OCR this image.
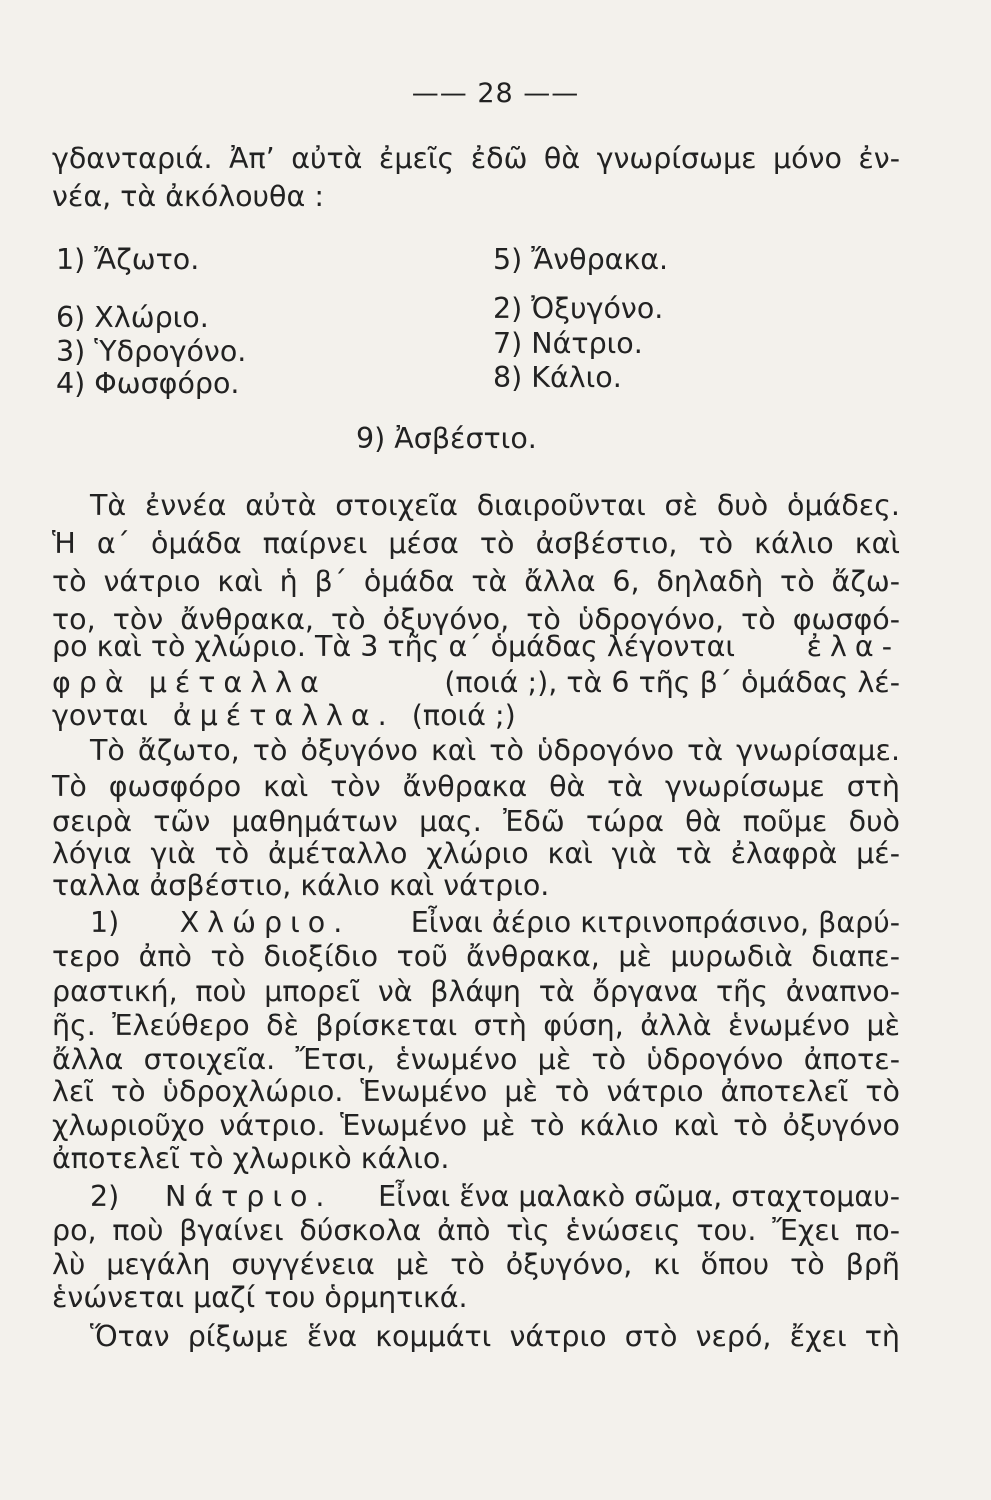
—— 28 ——
γδανταριά. Ἀπ’ αὐτὰ ἐμεῖς ἐδῶ θὰ γνωρίσωμε μόνο ἐν-
νέα, τὰ ἀκόλουθα :
1) Ἄζωτο.	5) Ἄνθρακα.
6) Χλώριο.	2) Ὀξυγόνο.
3) Ὑδρογόνο.	7) Νάτριο.
4) Φωσφόρο.	8) Κάλιο.
9) Ἀσβέστιο.
Τὰ ἐννέα αὐτὰ στοιχεῖα διαιροῦνται σὲ δυὸ ὁμάδες.
Ἡ α΄ ὁμάδα παίρνει μέσα τὸ ἀσβέστιο, τὸ κάλιο καὶ
τὸ νάτριο καὶ ἡ β΄ ὁμάδα τὰ ἄλλα 6, δηλαδὴ τὸ ἄζω-
το, τὸν ἄνθρακα, τὸ ὀξυγόνο, τὸ ὑδρογόνο, τὸ φωσφό-
ρο καὶ τὸ χλώριο. Τὰ 3 τῆς α΄ ὁμάδας λέγονται	ἐλα-
φρὰ μέταλλα	(ποιά ;), τὰ 6 τῆς β΄ ὁμάδας λέ-
γονται ἀμέταλλα. (ποιά ;)
Τὸ ἄζωτο, τὸ ὀξυγόνο καὶ τὸ ὑδρογόνο τὰ γνωρίσαμε.
Τὸ φωσφόρο καὶ τὸν ἄνθρακα θὰ τὰ γνωρίσωμε στὴ
σειρὰ τῶν μαθημάτων μας. Ἐδῶ τώρα θὰ ποῦμε δυὸ
λόγια γιὰ τὸ ἀμέταλλο χλώριο καὶ γιὰ τὰ ἐλαφρὰ μέ-
ταλλα ἀσβέστιο, κάλιο καὶ νάτριο.
1) Χλώριο. Εἶναι ἀέριο κιτρινοπράσινο, βαρύ-
τερο ἀπὸ τὸ διοξίδιο τοῦ ἄνθρακα, μὲ μυρωδιὰ διαπε-
ραστική, ποὺ μπορεῖ νὰ βλάψη τὰ ὄργανα τῆς ἀναπνο-
ῆς. Ἐλεύθερο δὲ βρίσκεται στὴ φύση, ἀλλὰ ἑνωμένο μὲ
ἄλλα στοιχεῖα. Ἔτσι, ἑνωμένο μὲ τὸ ὑδρογόνο ἀποτε-
λεῖ τὸ ὑδροχλώριο. Ἑνωμένο μὲ τὸ νάτριο ἀποτελεῖ τὸ
χλωριοῦχο νάτριο. Ἑνωμένο μὲ τὸ κάλιο καὶ τὸ ὀξυγόνο
ἀποτελεῖ τὸ χλωρικὸ κάλιο.
2) Νάτριο. Εἶναι ἕνα μαλακὸ σῶμα, σταχτομαυ-
ρο, ποὺ βγαίνει δύσκολα ἀπὸ τὶς ἑνώσεις του. Ἔχει πο-
λὺ μεγάλη συγγένεια μὲ τὸ ὀξυγόνο, κι ὅπου τὸ βρῆ
ἑνώνεται μαζί του ὁρμητικά.
Ὅταν ρίξωμε ἕνα κομμάτι νάτριο στὸ νερό, ἔχει τὴ
